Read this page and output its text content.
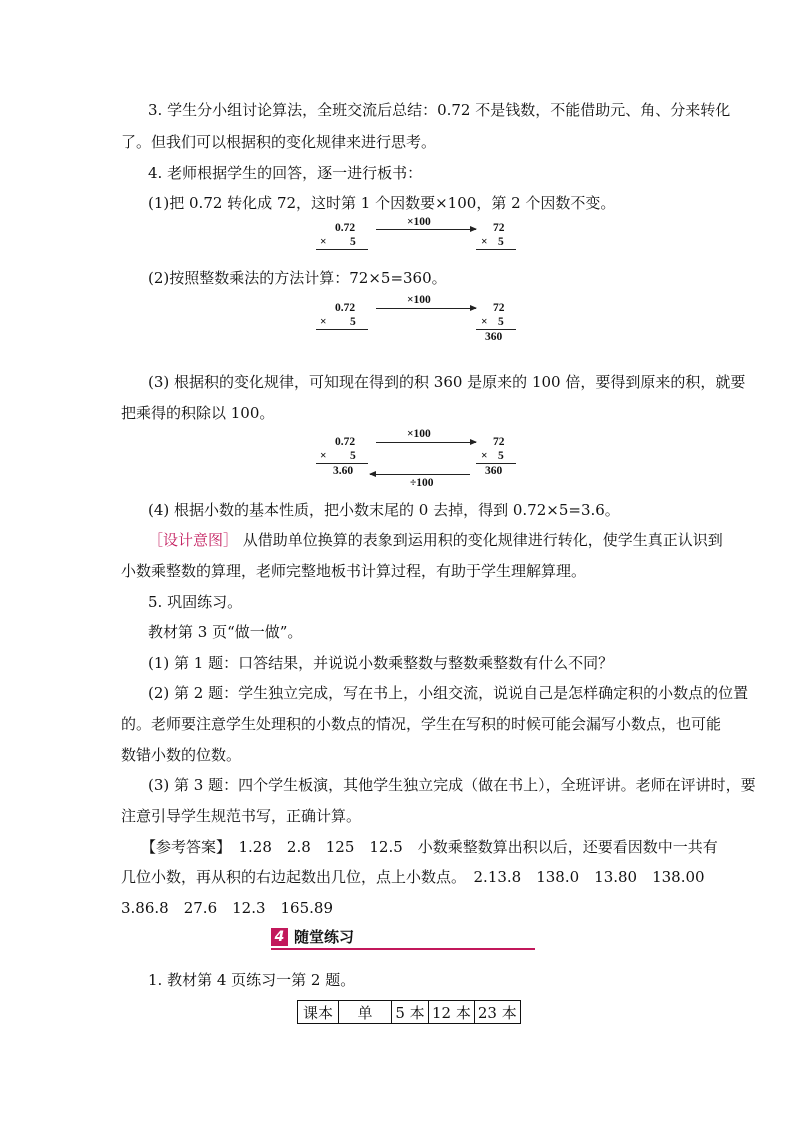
3. 学生分小组讨论算法，全班交流后总结：0.72 不是钱数，不能借助元、角、分来转化
了。但我们可以根据积的变化规律来进行思考。
4. 老师根据学生的回答，逐一进行板书：
(1)把 0.72 转化成 72，这时第 1 个因数要×100，第 2 个因数不变。
0.72
× 5
×100	72
× 5
(2)按照整数乘法的方法计算：72×5=360。
0.72
× 5
×100
72
× 5
360
(3) 根据积的变化规律，可知现在得到的积 360 是原来的 100 倍，要得到原来的积，就要
把乘得的积除以 100。
0.72
× 5
3.60
×100
÷100
72
× 5
360
(4) 根据小数的基本性质，把小数末尾的 0 去掉，得到 0.72×5=3.6。
［设计意图］ 从借助单位换算的表象到运用积的变化规律进行转化，使学生真正认识到
小数乘整数的算理，老师完整地板书计算过程，有助于学生理解算理。
5. 巩固练习。
教材第 3 页“做一做”。
(1) 第 1 题：口答结果，并说说小数乘整数与整数乘整数有什么不同？
(2) 第 2 题：学生独立完成，写在书上，小组交流，说说自己是怎样确定积的小数点的位置
的。老师要注意学生处理积的小数点的情况，学生在写积的时候可能会漏写小数点，也可能
数错小数的位数。
(3) 第 3 题：四个学生板演，其他学生独立完成（做在书上），全班评讲。老师在评讲时，要
注意引导学生规范书写，正确计算。
【参考答案】　1.28　2.8　125　12.5　小数乘整数算出积以后，还要看因数中一共有
几位小数，再从积的右边起数出几位，点上小数点。　2.13.8　138.0　13.80　138.00
3.86.8　27.6　12.3　165.89
4 随堂练习
1. 教材第 4 页练习一第 2 题。
课本	单	5 本	12 本	23 本
